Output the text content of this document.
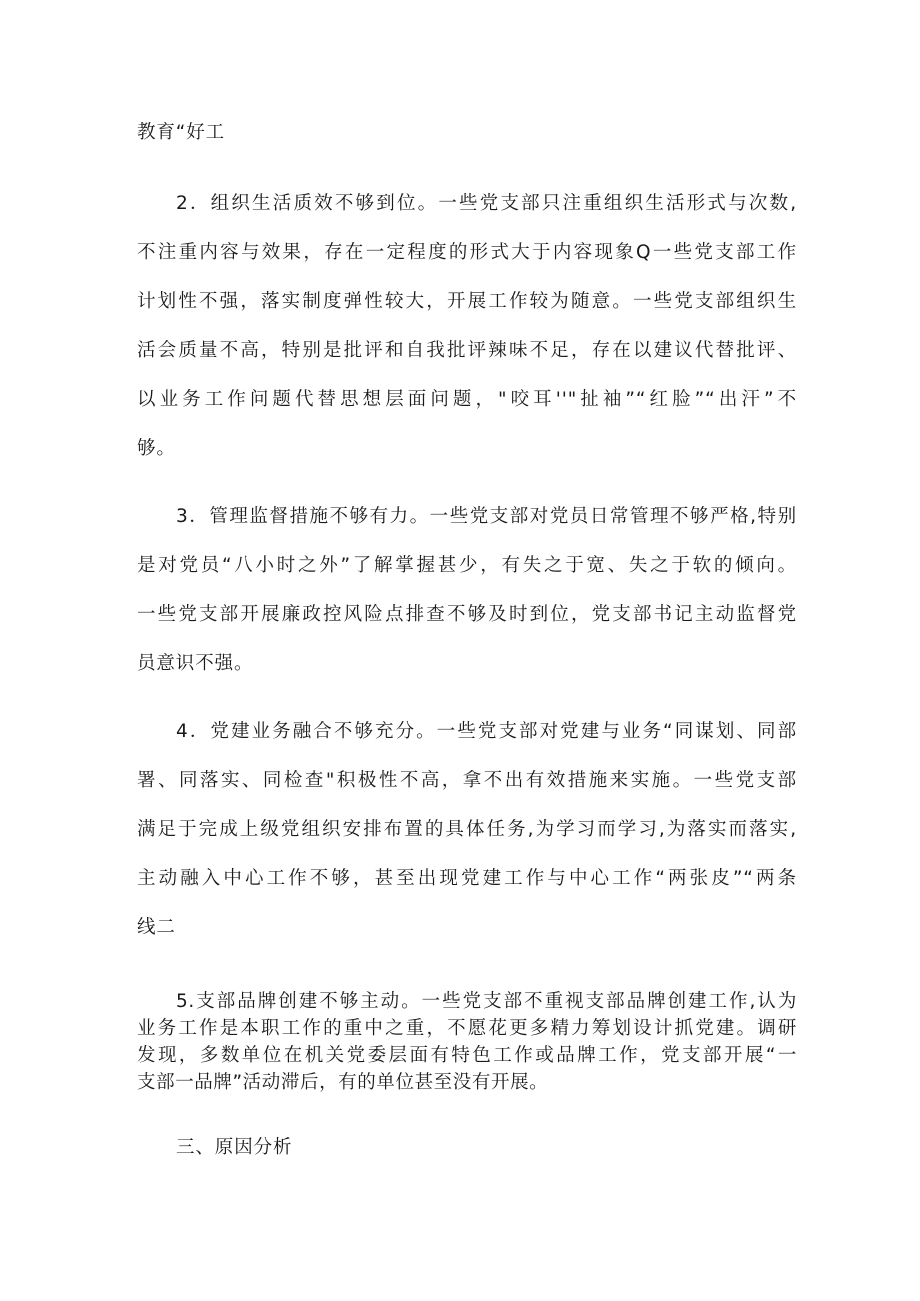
教育“好工
2．组织生活质效不够到位。一些党支部只注重组织生活形式与次数,
不注重内容与效果，存在一定程度的形式大于内容现象Q一些党支部工作
计划性不强，落实制度弹性较大，开展工作较为随意。一些党支部组织生
活会质量不高，特别是批评和自我批评辣味不足，存在以建议代替批评、
以业务工作问题代替思想层面问题，"咬耳''"扯袖”“红脸”“出汗”不
够。
3．管理监督措施不够有力。一些党支部对党员日常管理不够严格,特别
是对党员“八小时之外”了解掌握甚少，有失之于宽、失之于软的倾向。
一些党支部开展廉政控风险点排查不够及时到位，党支部书记主动监督党
员意识不强。
4．党建业务融合不够充分。一些党支部对党建与业务“同谋划、同部
署、同落实、同检查"积极性不高，拿不出有效措施来实施。一些党支部
满足于完成上级党组织安排布置的具体任务,为学习而学习,为落实而落实,
主动融入中心工作不够，甚至出现党建工作与中心工作“两张皮”“两条
线二
5.支部品牌创建不够主动。一些党支部不重视支部品牌创建工作,认为
业务工作是本职工作的重中之重，不愿花更多精力筹划设计抓党建。调研
发现，多数单位在机关党委层面有特色工作或品牌工作，党支部开展“一
支部一品牌”活动滞后，有的单位甚至没有开展。
三、原因分析
